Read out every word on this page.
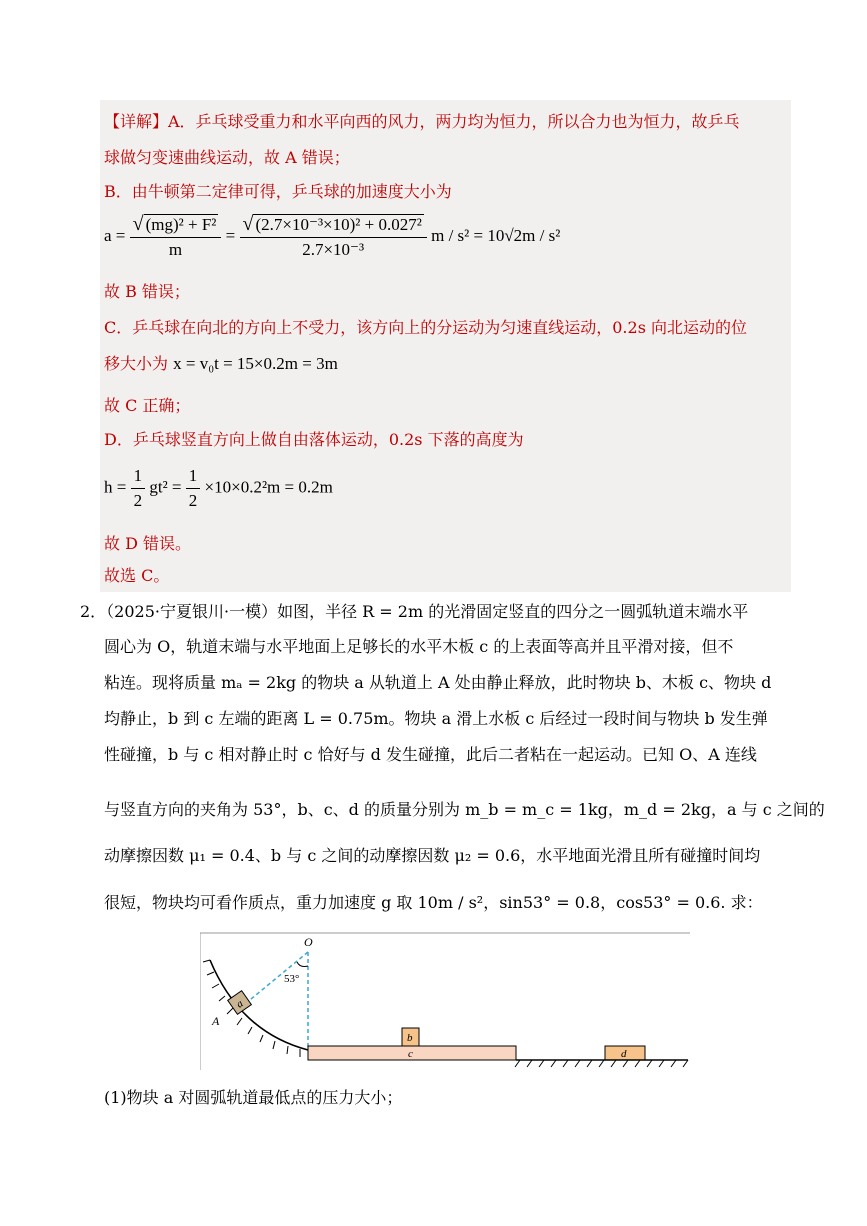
【详解】A．乒乓球受重力和水平向西的风力，两力均为恒力，所以合力也为恒力，故乒乓
球做匀变速曲线运动，故 A 错误；
B．由牛顿第二定律可得，乒乓球的加速度大小为
$a = \frac{\text{√ (mg)² + F²}}{m} = \frac{\text{√ (2.7×10⁻³×10)² + 0.027²}}{\text{2.7×10⁻³}}$ m / s² = 10√2m / s²
故 B 错误；
C．乒乓球在向北的方向上不受力，该方向上的分运动为匀速直线运动，0.2s 向北运动的位
移大小为 x = v₀t = 15×0.2m = 3m
故 C 正确；
D．乒乓球竖直方向上做自由落体运动，0.2s 下落的高度为
$h = \frac{1}{2} gt^2 = \frac{1}{2} \times 10\times 0.2^2m = 0.2m$
故 D 错误。
故选 C。
2．（2025·宁夏银川·一模）如图，半径 R = 2m 的光滑固定竖直的四分之一圆弧轨道末端水平
圆心为 O，轨道末端与水平地面上足够长的水平木板 c 的上表面等高并且平滑对接，但不
粘连。现将质量 mₐ = 2kg 的物块 a 从轨道上 A 处由静止释放，此时物块 b、木板 c、物块 d
均静止，b 到 c 左端的距离 L = 0.75m。物块 a 滑上水板 c 后经过一段时间与物块 b 发生弹
性碰撞，b 与 c 相对静止时 c 恰好与 d 发生碰撞，此后二者粘在一起运动。已知 O、A 连线
与竖直方向的夹角为 53°，b、c、d 的质量分别为 m_b = m_c = 1kg，m_d = 2kg，a 与 c 之间的
动摩擦因数 μ₁ = 0.4、b 与 c 之间的动摩擦因数 μ₂ = 0.6，水平地面光滑且所有碰撞时间均
很短，物块均可看作质点，重力加速度 g 取 10m / s²，sin53° = 0.8，cos53° = 0.6. 求：
O
53°
a
A
c
b
d
(1)物块 a 对圆弧轨道最低点的压力大小；
